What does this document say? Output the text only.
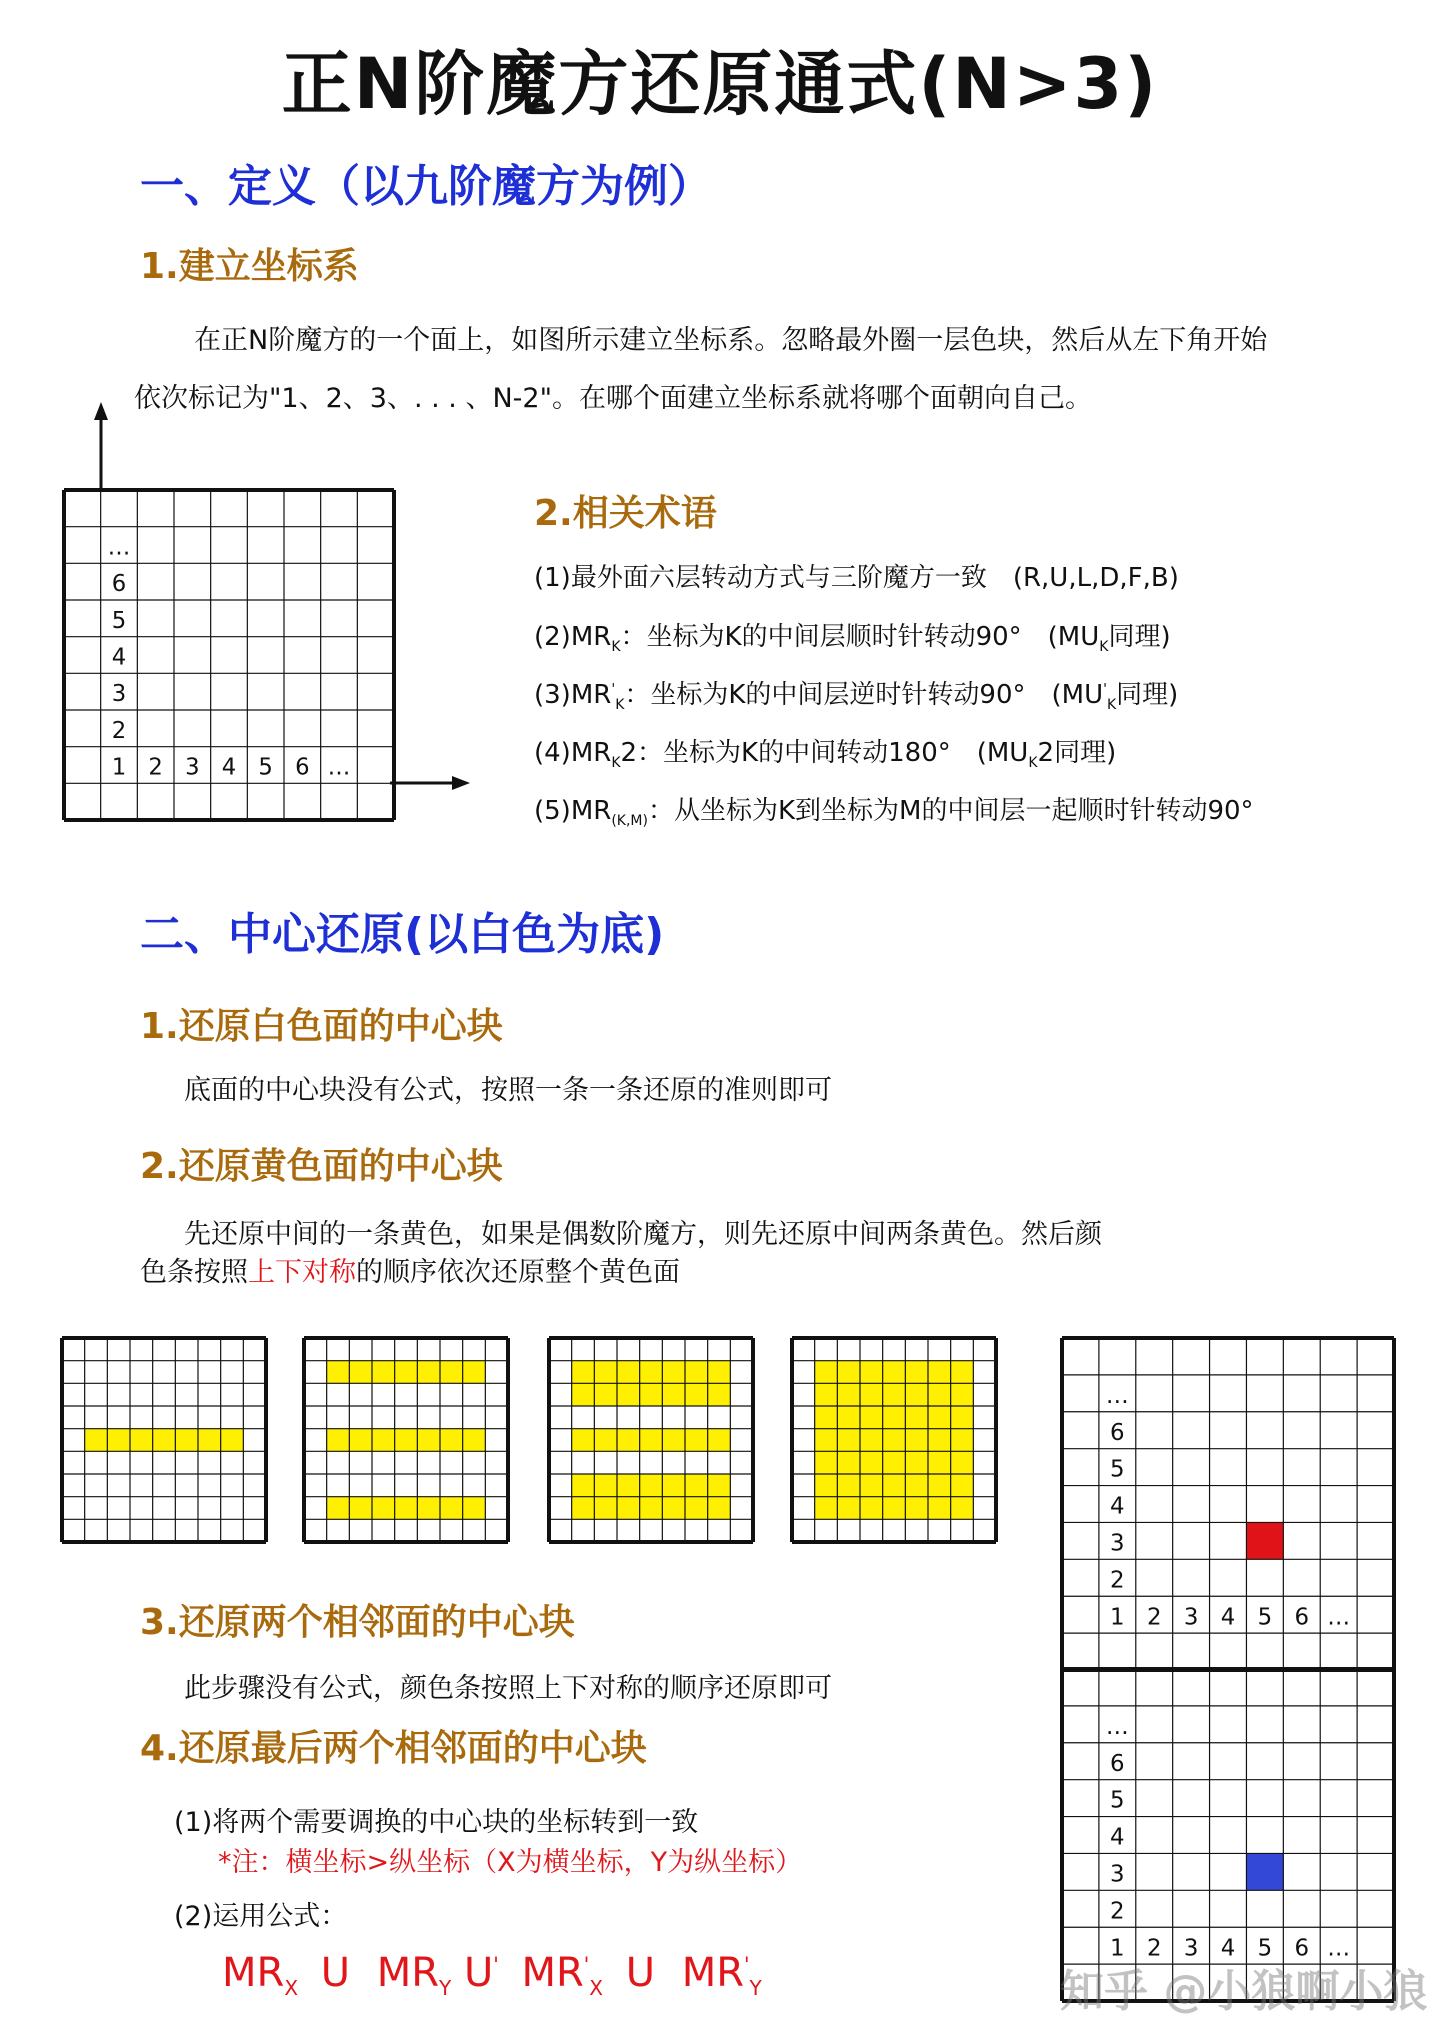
正N阶魔方还原通式(N>3)
一、定义（以九阶魔方为例）
1.建立坐标系
在正N阶魔方的一个面上，如图所示建立坐标系。忽略最外圈一层色块，然后从左下角开始
依次标记为"1、2、3、. . . 、N-2"。在哪个面建立坐标系就将哪个面朝向自己。
1
2
3
4
5
6
…
2 3 4 5 6 …
2.相关术语
(1)最外面六层转动方式与三阶魔方一致　(R,U,L,D,F,B)
$(2)MR_K$：坐标为K的中间层顺时针转动90°　($MU_K$同理)
$(3)MR'_K$：坐标为K的中间层逆时针转动90°　($MU'_K$同理)
$(4)MR_K2$：坐标为K的中间转动180°　($MU_K2$同理)
$(5)MR_{(K,M)}$：从坐标为K到坐标为M的中间层一起顺时针转动90°
二、中心还原(以白色为底)
1.还原白色面的中心块
底面的中心块没有公式，按照一条一条还原的准则即可
2.还原黄色面的中心块
先还原中间的一条黄色，如果是偶数阶魔方，则先还原中间两条黄色。然后颜
色条按照上下对称的顺序依次还原整个黄色面
1
2
3
4
5
6
…
2 3 4 5 6 …
1
2
3
4
5
6
…
2 3 4 5 6 …
3.还原两个相邻面的中心块
此步骤没有公式，颜色条按照上下对称的顺序还原即可
4.还原最后两个相邻面的中心块
(1)将两个需要调换的中心块的坐标转到一致
*注：横坐标>纵坐标（X为横坐标，Y为纵坐标）
(2)运用公式：
$MR_X$ U $MR_Y$ U' $MR'_X$ U $MR'_Y$	知乎 @小狼啊小狼
